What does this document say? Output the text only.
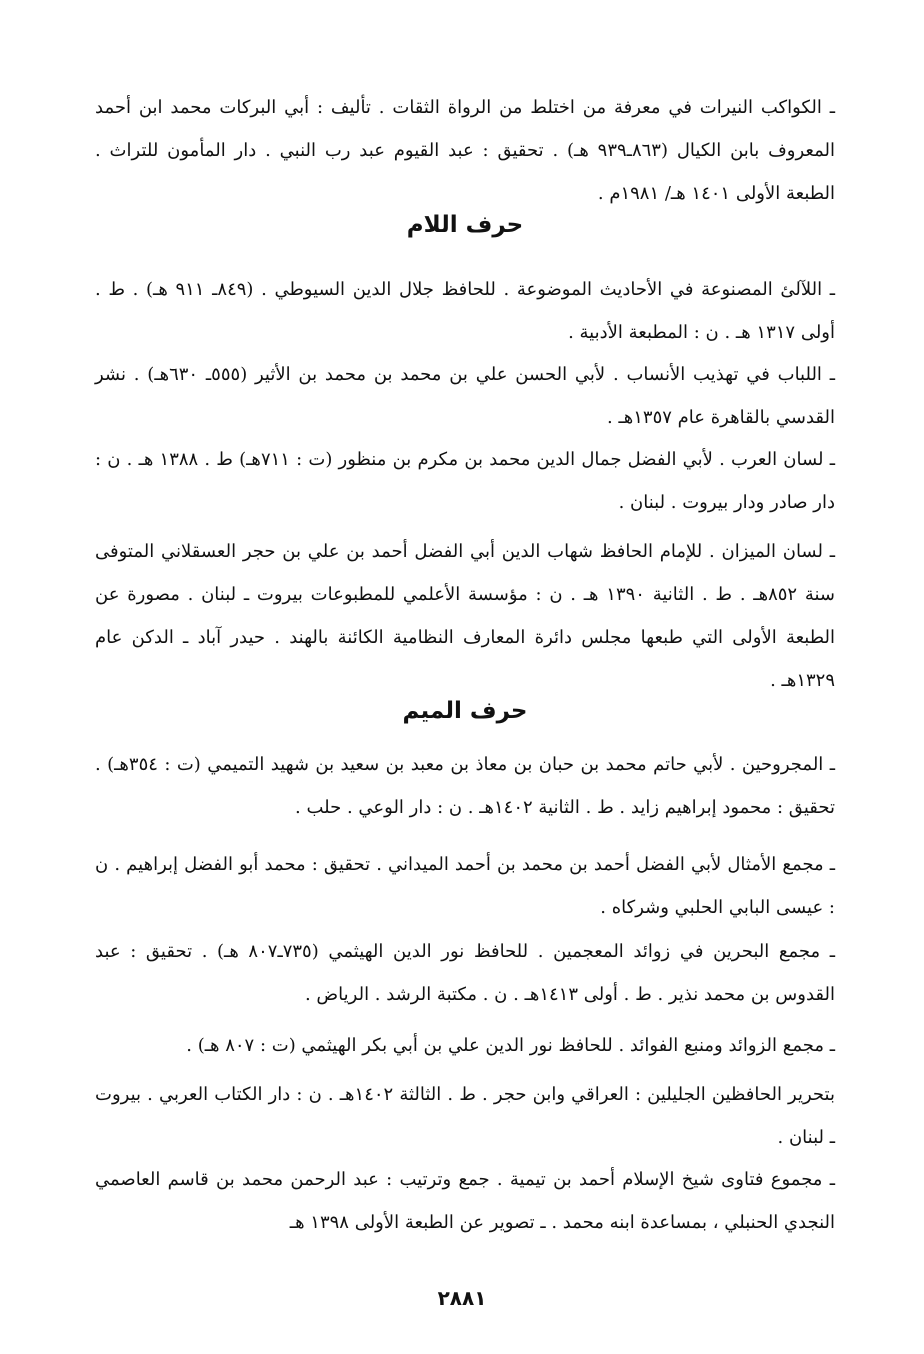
ـ الكواكب النيرات في معرفة من اختلط من الرواة الثقات . تأليف : أبي البركات محمد ابن أحمد المعروف بابن الكيال (٨٦٣ـ٩٣٩ هـ) . تحقيق : عبد القيوم عبد رب النبي . دار المأمون للتراث . الطبعة الأولى ١٤٠١ هـ/ ١٩٨١م .

حرف اللام

ـ اللآلئ المصنوعة في الأحاديث الموضوعة . للحافظ جلال الدين السيوطي . (٨٤٩ـ ٩١١ هـ) . ط . أولى ١٣١٧ هـ . ن : المطبعة الأدبية .

ـ اللباب في تهذيب الأنساب . لأبي الحسن علي بن محمد بن محمد بن الأثير (٥٥٥ـ ٦٣٠هـ) . نشر القدسي بالقاهرة عام ١٣٥٧هـ .

ـ لسان العرب . لأبي الفضل جمال الدين محمد بن مكرم بن منظور (ت : ٧١١هـ) ط . ١٣٨٨ هـ . ن : دار صادر ودار بيروت . لبنان .

ـ لسان الميزان . للإمام الحافظ شهاب الدين أبي الفضل أحمد بن علي بن حجر العسقلاني المتوفى سنة ٨٥٢هـ . ط . الثانية ١٣٩٠ هـ . ن : مؤسسة الأعلمي للمطبوعات بيروت ـ لبنان . مصورة عن الطبعة الأولى التي طبعها مجلس دائرة المعارف النظامية الكائنة بالهند . حيدر آباد ـ الدكن عام ١٣٢٩هـ .

حرف الميم

ـ المجروحين . لأبي حاتم محمد بن حبان بن معاذ بن معبد بن سعيد بن شهيد التميمي (ت : ٣٥٤هـ) . تحقيق : محمود إبراهيم زايد . ط . الثانية ١٤٠٢هـ . ن : دار الوعي . حلب .

ـ مجمع الأمثال لأبي الفضل أحمد بن محمد بن أحمد الميداني . تحقيق : محمد أبو الفضل إبراهيم . ن : عيسى البابي الحلبي وشركاه .

ـ مجمع البحرين في زوائد المعجمين . للحافظ نور الدين الهيثمي (٧٣٥ـ٨٠٧ هـ) . تحقيق : عبد القدوس بن محمد نذير . ط . أولى ١٤١٣هـ . ن . مكتبة الرشد . الرياض .

ـ مجمع الزوائد ومنبع الفوائد . للحافظ نور الدين علي بن أبي بكر الهيثمي (ت : ٨٠٧ هـ) .

بتحرير الحافظين الجليلين : العراقي وابن حجر . ط . الثالثة ١٤٠٢هـ . ن : دار الكتاب العربي . بيروت ـ لبنان .

ـ مجموع فتاوى شيخ الإسلام أحمد بن تيمية . جمع وترتيب : عبد الرحمن محمد بن قاسم العاصمي النجدي الحنبلي ، بمساعدة ابنه محمد . ـ تصوير عن الطبعة الأولى ١٣٩٨ هـ

٢٨٨١
